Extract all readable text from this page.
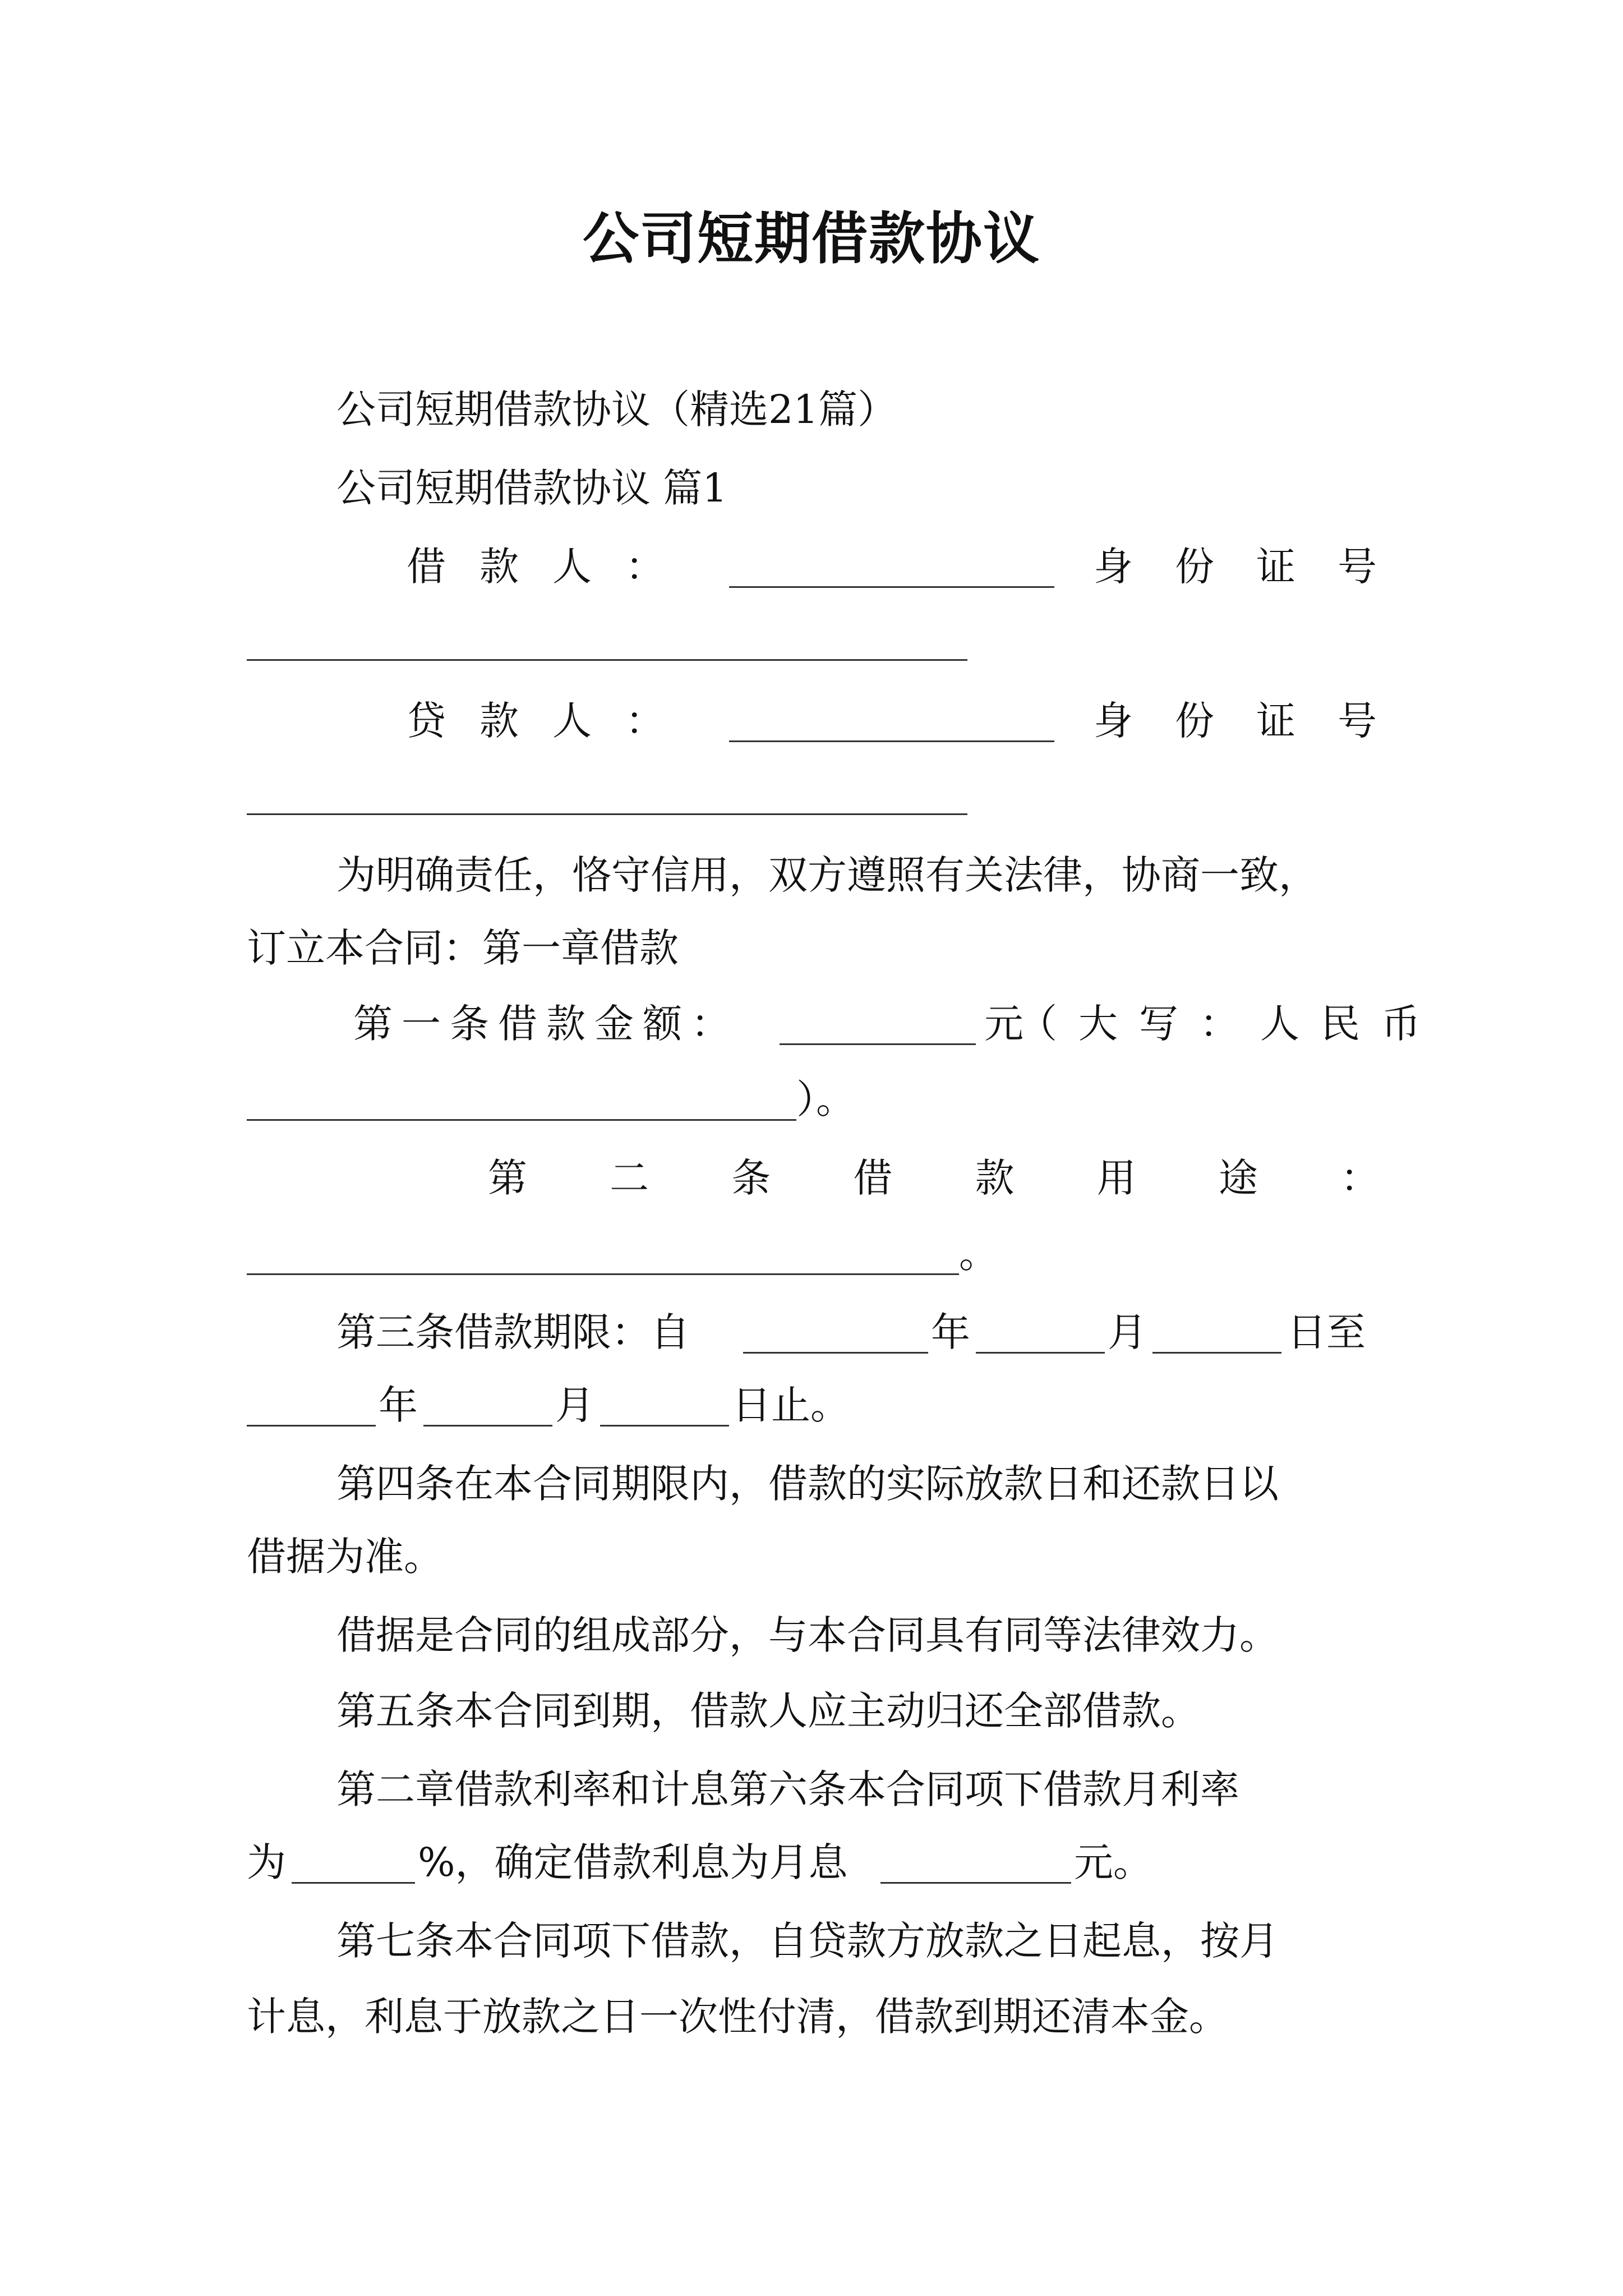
公司短期借款协议
公司短期借款协议（精选21篇）
公司短期借款协议 篇1
借款人：	身份证号
贷款人：	身份证号
为明确责任，恪守信用，双方遵照有关法律，协商一致，
订立本合同：第一章借款
第一条借款金额：	元
（大写：人民币
）。
第 二 条 借 款 用 途 ：
。
第三条借款期限：自	年	月	日至
年	月	日止。
第四条在本合同期限内，借款的实际放款日和还款日以
借据为准。
借据是合同的组成部分，与本合同具有同等法律效力。
第五条本合同到期，借款人应主动归还全部借款。
第二章借款利率和计息第六条本合同项下借款月利率
为	%，确定借款利息为月息	元。
第七条本合同项下借款，自贷款方放款之日起息，按月
计息，利息于放款之日一次性付清，借款到期还清本金。
